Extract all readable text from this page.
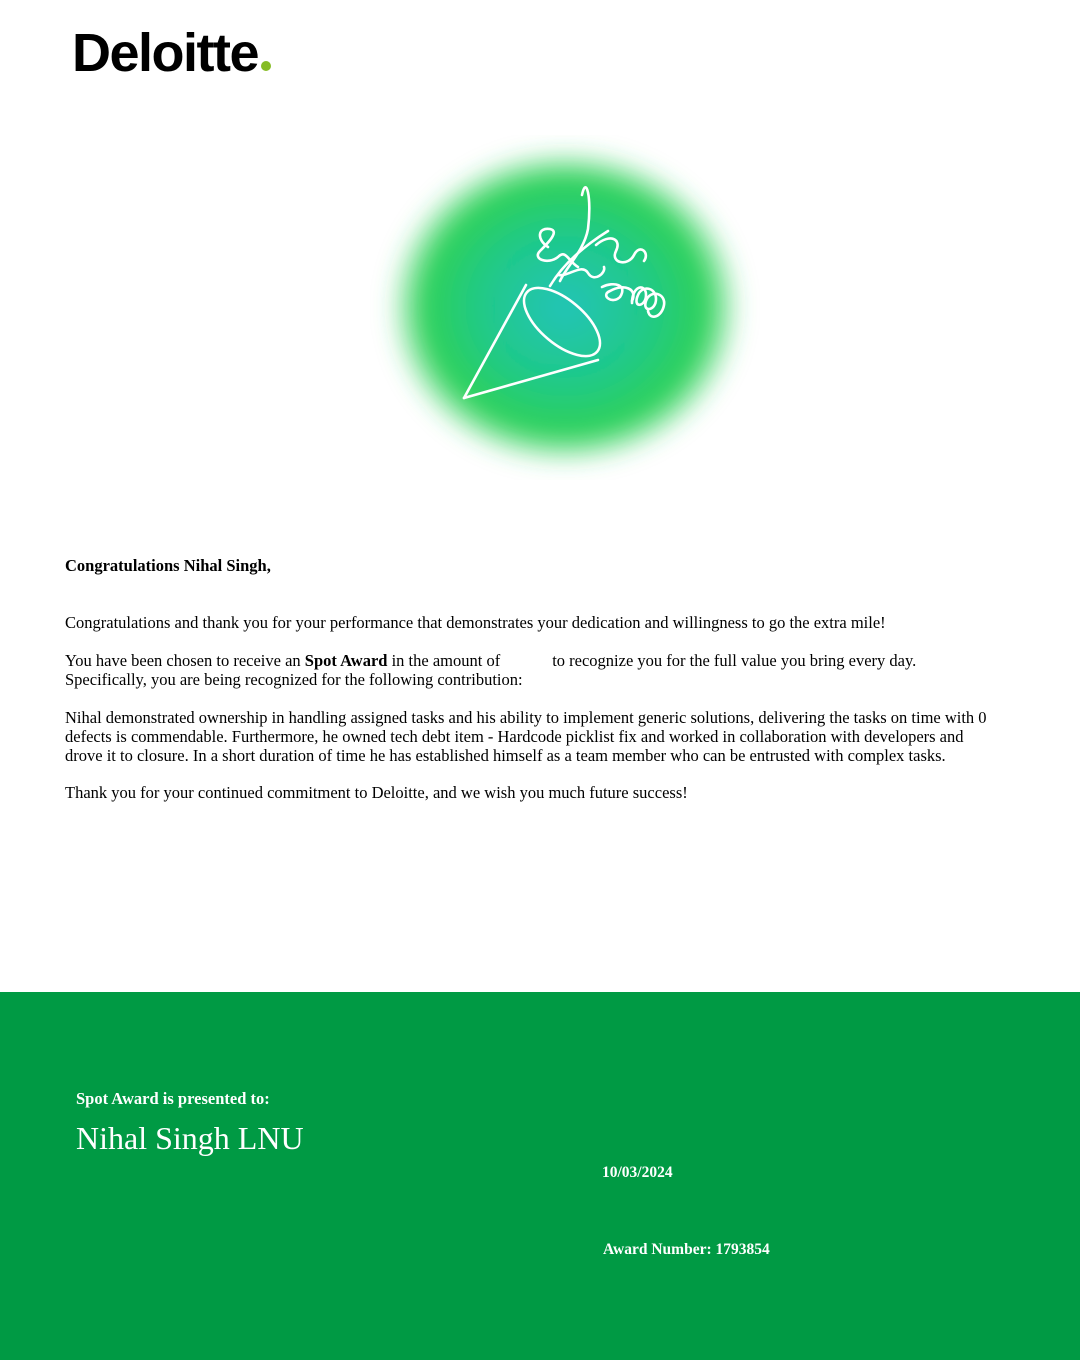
Deloitte

Congratulations Nihal Singh,

Congratulations and thank you for your performance that demonstrates your dedication and willingness to go the extra mile!

You have been chosen to receive an Spot Award in the amount of	to recognize you for the full value you bring every day.
Specifically, you are being recognized for the following contribution:

Nihal demonstrated ownership in handling assigned tasks and his ability to implement generic solutions, delivering the tasks on time with 0 defects is commendable. Furthermore, he owned tech debt item - Hardcode picklist fix and worked in collaboration with developers and drove it to closure. In a short duration of time he has established himself as a team member who can be entrusted with complex tasks.

Thank you for your continued commitment to Deloitte, and we wish you much future success!

Spot Award is presented to:

Nihal Singh LNU

10/03/2024

Award Number: 1793854
